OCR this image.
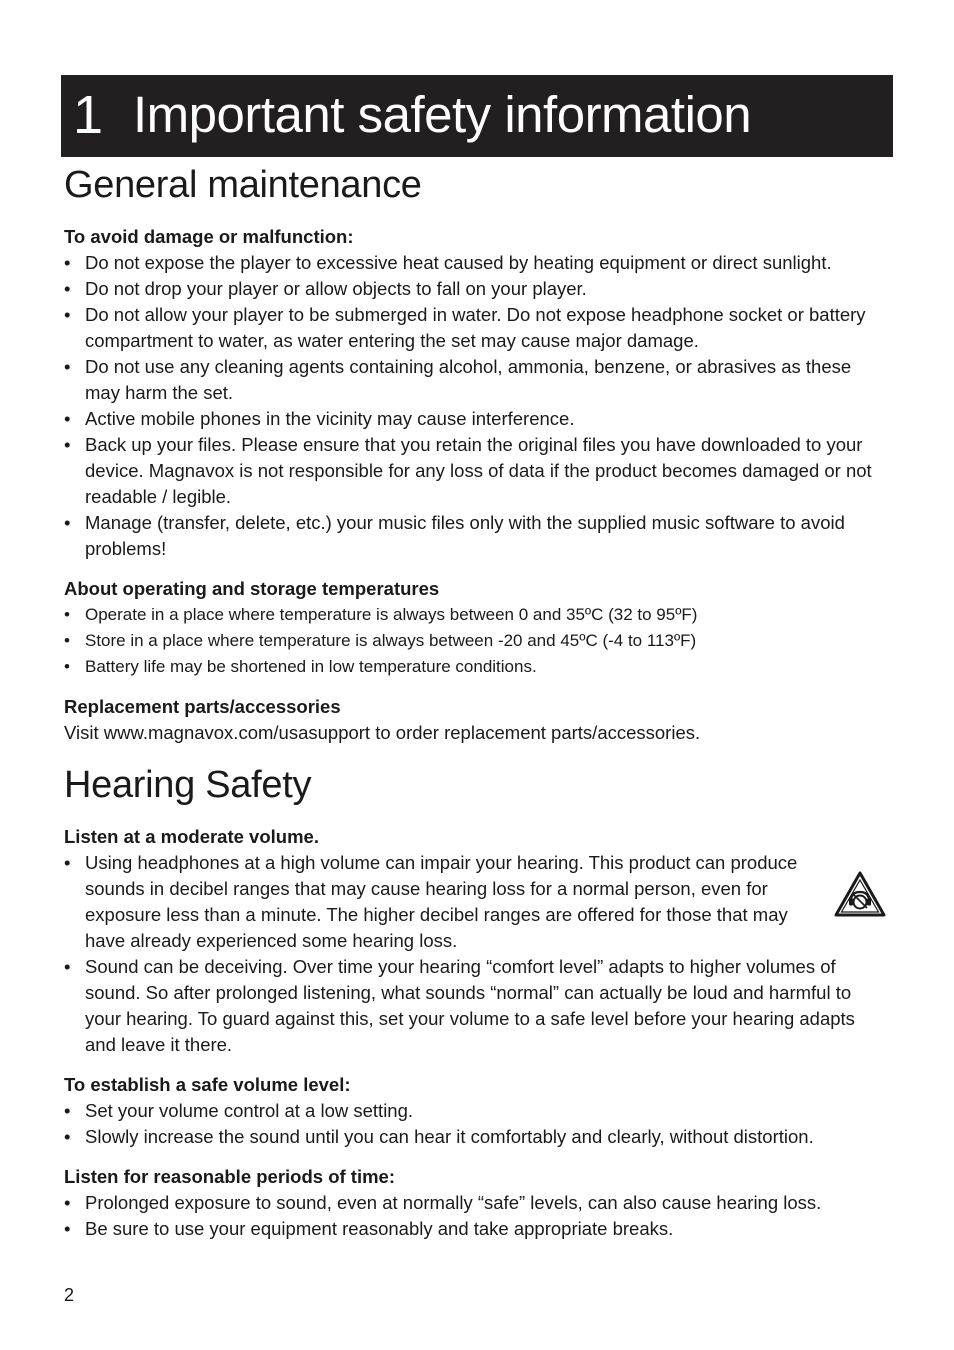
1 Important safety information
General maintenance
To avoid damage or malfunction:
• Do not expose the player to excessive heat caused by heating equipment or direct sunlight.
• Do not drop your player or allow objects to fall on your player.
• Do not allow your player to be submerged in water. Do not expose headphone socket or battery compartment to water, as water entering the set may cause major damage.
• Do not use any cleaning agents containing alcohol, ammonia, benzene, or abrasives as these may harm the set.
• Active mobile phones in the vicinity may cause interference.
• Back up your files. Please ensure that you retain the original files you have downloaded to your device. Magnavox is not responsible for any loss of data if the product becomes damaged or not readable / legible.
• Manage (transfer, delete, etc.) your music files only with the supplied music software to avoid problems!
About operating and storage temperatures
• Operate in a place where temperature is always between 0 and 35ºC (32 to 95ºF)
• Store in a place where temperature is always between -20 and 45ºC (-4 to 113ºF)
• Battery life may be shortened in low temperature conditions.
Replacement parts/accessories

Visit www.magnavox.com/usasupport to order replacement parts/accessories.

Hearing Safety
Listen at a moderate volume.
• Using headphones at a high volume can impair your hearing. This product can produce sounds in decibel ranges that may cause hearing loss for a normal person, even for exposure less than a minute. The higher decibel ranges are offered for those that may have already experienced some hearing loss.
• Sound can be deceiving. Over time your hearing “comfort level” adapts to higher volumes of sound. So after prolonged listening, what sounds “normal” can actually be loud and harmful to your hearing. To guard against this, set your volume to a safe level before your hearing adapts and leave it there.
To establish a safe volume level:
• Set your volume control at a low setting.
• Slowly increase the sound until you can hear it comfortably and clearly, without distortion.
Listen for reasonable periods of time:
• Prolonged exposure to sound, even at normally “safe” levels, can also cause hearing loss.
• Be sure to use your equipment reasonably and take appropriate breaks.
2
